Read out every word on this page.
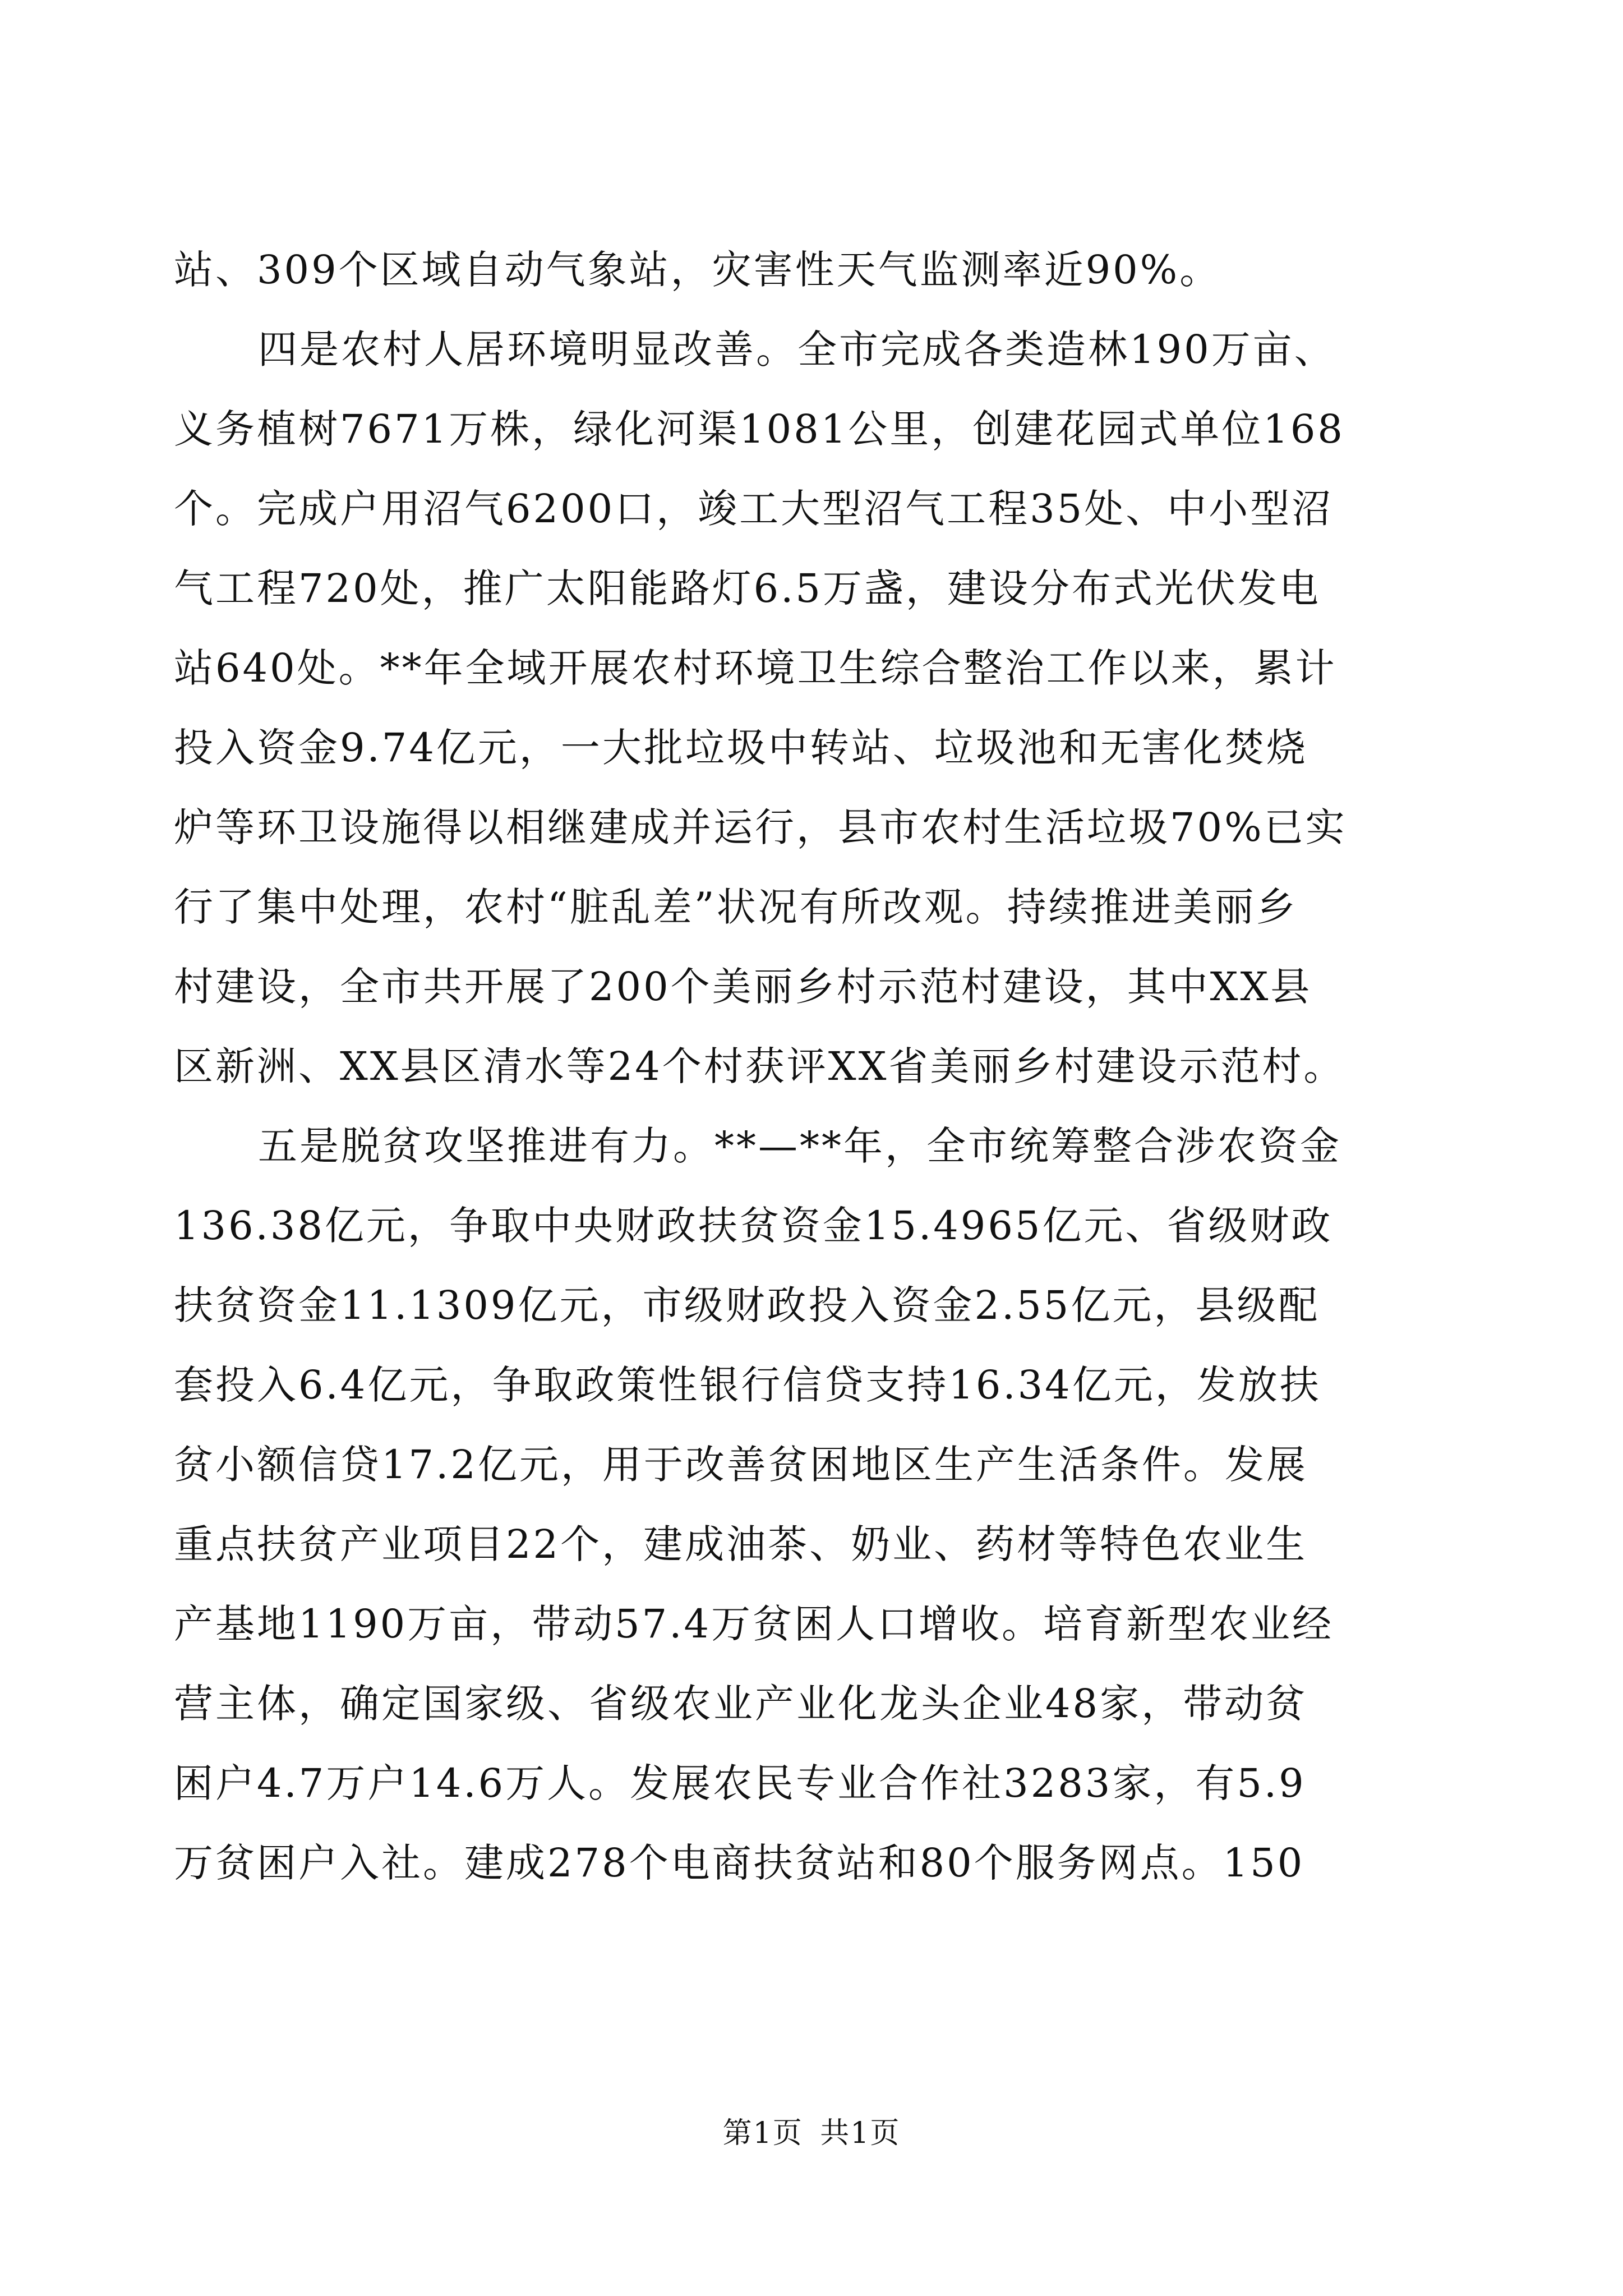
站、309个区域自动气象站，灾害性天气监测率近90%。
四是农村人居环境明显改善。全市完成各类造林190万亩、
义务植树7671万株，绿化河渠1081公里，创建花园式单位168
个。完成户用沼气6200口，竣工大型沼气工程35处、中小型沼
气工程720处，推广太阳能路灯6.5万盏，建设分布式光伏发电
站640处。**年全域开展农村环境卫生综合整治工作以来，累计
投入资金9.74亿元，一大批垃圾中转站、垃圾池和无害化焚烧
炉等环卫设施得以相继建成并运行，县市农村生活垃圾70%已实
行了集中处理，农村“脏乱差”状况有所改观。持续推进美丽乡
村建设，全市共开展了200个美丽乡村示范村建设，其中XX县
区新洲、XX县区清水等24个村获评XX省美丽乡村建设示范村。
五是脱贫攻坚推进有力。**—**年，全市统筹整合涉农资金
136.38亿元，争取中央财政扶贫资金15.4965亿元、省级财政
扶贫资金11.1309亿元，市级财政投入资金2.55亿元，县级配
套投入6.4亿元，争取政策性银行信贷支持16.34亿元，发放扶
贫小额信贷17.2亿元，用于改善贫困地区生产生活条件。发展
重点扶贫产业项目22个，建成油茶、奶业、药材等特色农业生
产基地1190万亩，带动57.4万贫困人口增收。培育新型农业经
营主体，确定国家级、省级农业产业化龙头企业48家，带动贫
困户4.7万户14.6万人。发展农民专业合作社3283家，有5.9
万贫困户入社。建成278个电商扶贫站和80个服务网点。150
第1页 共1页
